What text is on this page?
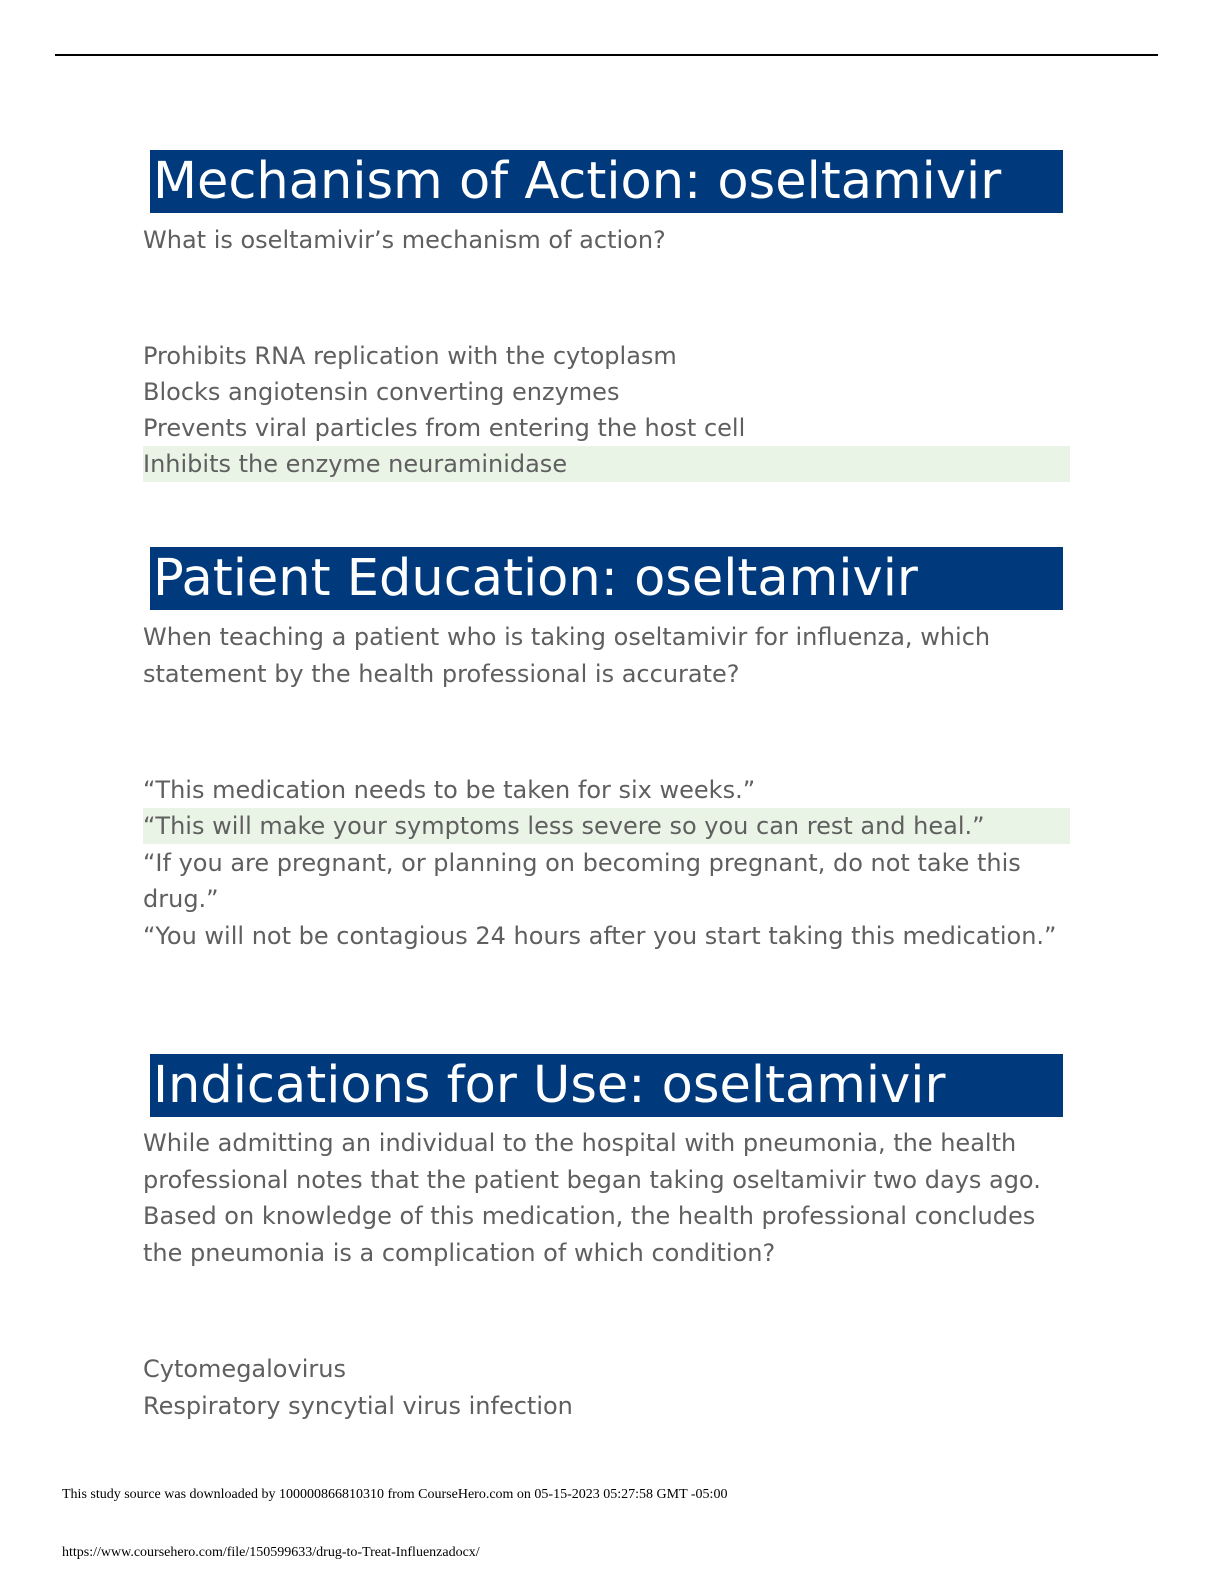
Mechanism of Action: oseltamivir
What is oseltamivir’s mechanism of action?
Prohibits RNA replication with the cytoplasm
Blocks angiotensin converting enzymes
Prevents viral particles from entering the host cell
Inhibits the enzyme neuraminidase
Patient Education: oseltamivir
When teaching a patient who is taking oseltamivir for influenza, which statement by the health professional is accurate?
“This medication needs to be taken for six weeks.”
“This will make your symptoms less severe so you can rest and heal.”
“If you are pregnant, or planning on becoming pregnant, do not take this drug.”
“You will not be contagious 24 hours after you start taking this medication.”
Indications for Use: oseltamivir
While admitting an individual to the hospital with pneumonia, the health professional notes that the patient began taking oseltamivir two days ago. Based on knowledge of this medication, the health professional concludes the pneumonia is a complication of which condition?
Cytomegalovirus
Respiratory syncytial virus infection
This study source was downloaded by 100000866810310 from CourseHero.com on 05-15-2023 05:27:58 GMT -05:00
https://www.coursehero.com/file/150599633/drug-to-Treat-Influenzadocx/
